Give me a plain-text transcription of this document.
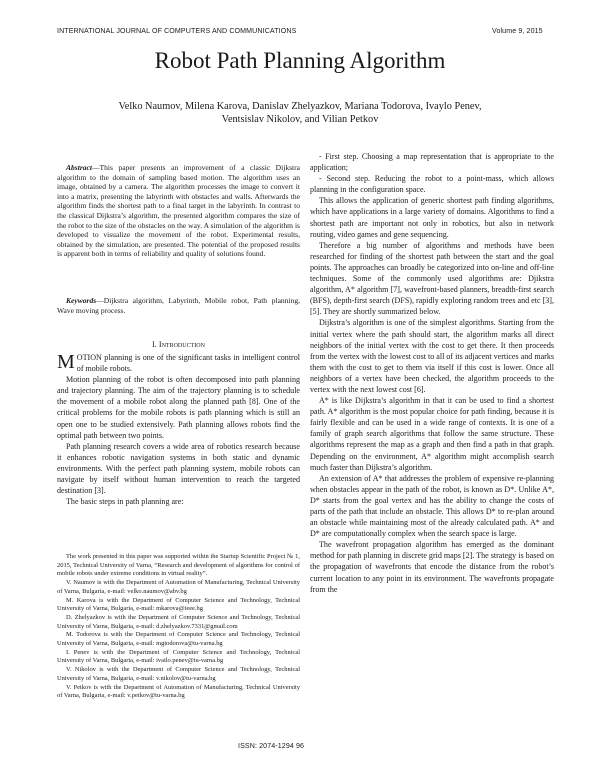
INTERNATIONAL JOURNAL OF COMPUTERS AND COMMUNICATIONS	Volume 9, 2015
Robot Path Planning Algorithm
Velko Naumov, Milena Karova, Danislav Zhelyazkov, Mariana Todorova, Ivaylo Penev, Ventsislav Nikolov, and Vilian Petkov

Abstract—This paper presents an improvement of a classic Dijkstra algorithm to the domain of sampling based motion. The algorithm uses an image, obtained by a camera. The algorithm processes the image to convert it into a matrix, presenting the labyrinth with obstacles and walls. Afterwards the algorithm finds the shortest path to a final target in the labyrinth. In contrast to the classical Dijkstra’s algorithm, the presented algorithm compares the size of the robot to the size of the obstacles on the way. A simulation of the algorithm is developed to visualize the movement of the robot. Experimental results, obtained by the simulation, are presented. The potential of the proposed results is apparent both in terms of reliability and quality of solutions found.

Keywords—Dijkstra algorithm, Labyrinth, Mobile robot, Path planning, Wave moving process.

I. Introduction

MOTION planning is one of the significant tasks in intelligent control of mobile robots.

Motion planning of the robot is often decomposed into path planning and trajectory planning. The aim of the trajectory planning is to schedule the movement of a mobile robot along the planned path [8]. One of the critical problems for the mobile robots is path planning which is still an open one to be studied extensively. Path planning allows robots find the optimal path between two points.

Path planning research covers a wide area of robotics research because it enhances robotic navigation systems in both static and dynamic environments. With the perfect path planning system, mobile robots can navigate by itself without human intervention to reach the targeted destination [3].

The basic steps in path planning are:

The work presented in this paper was supported within the Startup Scientific Project № 1, 2015, Technical University of Varna, “Research and development of algorithms for control of mobile robots under extreme conditions in virtual reality”.

V. Naumov is with the Department of Automation of Manufacturing, Technical University of Varna, Bulgaria, e-mail: velko.naumov@abv.bg

M. Karova is with the Department of Computer Science and Technology, Technical University of Varna, Bulgaria, e-mail: mkarova@ieee.bg

D. Zhelyazkov is with the Department of Computer Science and Technology, Technical University of Varna, Bulgaria, e-mail: d.zhelyazkov.7331@gmail.com

M. Todorova is with the Department of Computer Science and Technology, Technical University of Varna, Bulgaria, e-mail: mgtodorova@tu-varna.bg

I. Penev is with the Department of Computer Science and Technology, Technical University of Varna, Bulgaria, e-mail: ivailo.penev@tu-varna.bg

V. Nikolov is with the Department of Computer Science and Technology, Technical University of Varna, Bulgaria, e-mail: v.nikolov@tu-varna.bg

V. Petkov is with the Department of Automation of Manufacturing, Technical University of Varna, Bulgaria, e-mail: v.petkov@tu-varna.bg

- First step. Choosing a map representation that is appropriate to the application;

- Second step. Reducing the robot to a point-mass, which allows planning in the configuration space.

This allows the application of generic shortest path finding algorithms, which have applications in a large variety of domains. Algorithms to find a shortest path are important not only in robotics, but also in network routing, video games and gene sequencing.

Therefore a big number of algorithms and methods have been researched for finding of the shortest path between the start and the goal points. The approaches can broadly be categorized into on-line and off-line techniques. Some of the commonly used algorithms are: Djikstra algorithm, A* algorithm [7], wavefront-based planners, breadth-first search (BFS), depth-first search (DFS), rapidly exploring random trees and etc [3], [5]. They are shortly summarized below.

Dijkstra’s algorithm is one of the simplest algorithms. Starting from the initial vertex where the path should start, the algorithm marks all direct neighbors of the initial vertex with the cost to get there. It then proceeds from the vertex with the lowest cost to all of its adjacent vertices and marks them with the cost to get to them via itself if this cost is lower. Once all neighbors of a vertex have been checked, the algorithm proceeds to the vertex with the next lowest cost [6].

A* is like Dijkstra’s algorithm in that it can be used to find a shortest path. A* algorithm is the most popular choice for path finding, because it is fairly flexible and can be used in a wide range of contexts. It is one of a family of graph search algorithms that follow the same structure. These algorithms represent the map as a graph and then find a path in that graph. Depending on the environment, A* algorithm might accomplish search much faster than Dijkstra’s algorithm.

An extension of A* that addresses the problem of expensive re-planning when obstacles appear in the path of the robot, is known as D*. Unlike A*, D* starts from the goal vertex and has the ability to change the costs of parts of the path that include an obstacle. This allows D* to re-plan around an obstacle while maintaining most of the already calculated path. A* and D* are computationally complex when the search space is large.

The wavefront propagation algorithm has emerged as the dominant method for path planning in discrete grid maps [2]. The strategy is based on the propagation of wavefronts that encode the distance from the robot’s current location to any point in its environment. The wavefronts propagate from the

ISSN: 2074-1294 96
